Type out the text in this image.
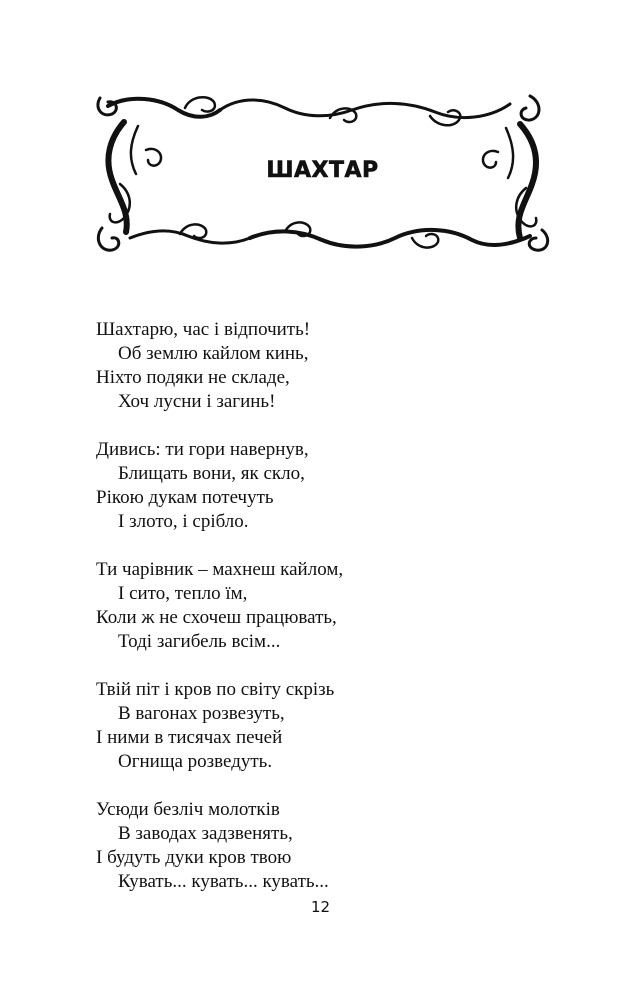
ШАХТАР
Шахтарю, час і відпочить!
Об землю кайлом кинь,
Ніхто подяки не складе,
Хоч лусни і загинь!
Дивись: ти гори навернув,
Блищать вони, як скло,
Рікою дукам потечуть
І злото, і срібло.
Ти чарівник – махнеш кайлом,
І сито, тепло їм,
Коли ж не схочеш працювать,
Тоді загибель всім...
Твій піт і кров по світу скрізь
В вагонах розвезуть,
І ними в тисячах печей
Огнища розведуть.
Усюди безліч молотків
В заводах задзвенять,
І будуть дуки кров твою
Кувать... кувать... кувать...
12
